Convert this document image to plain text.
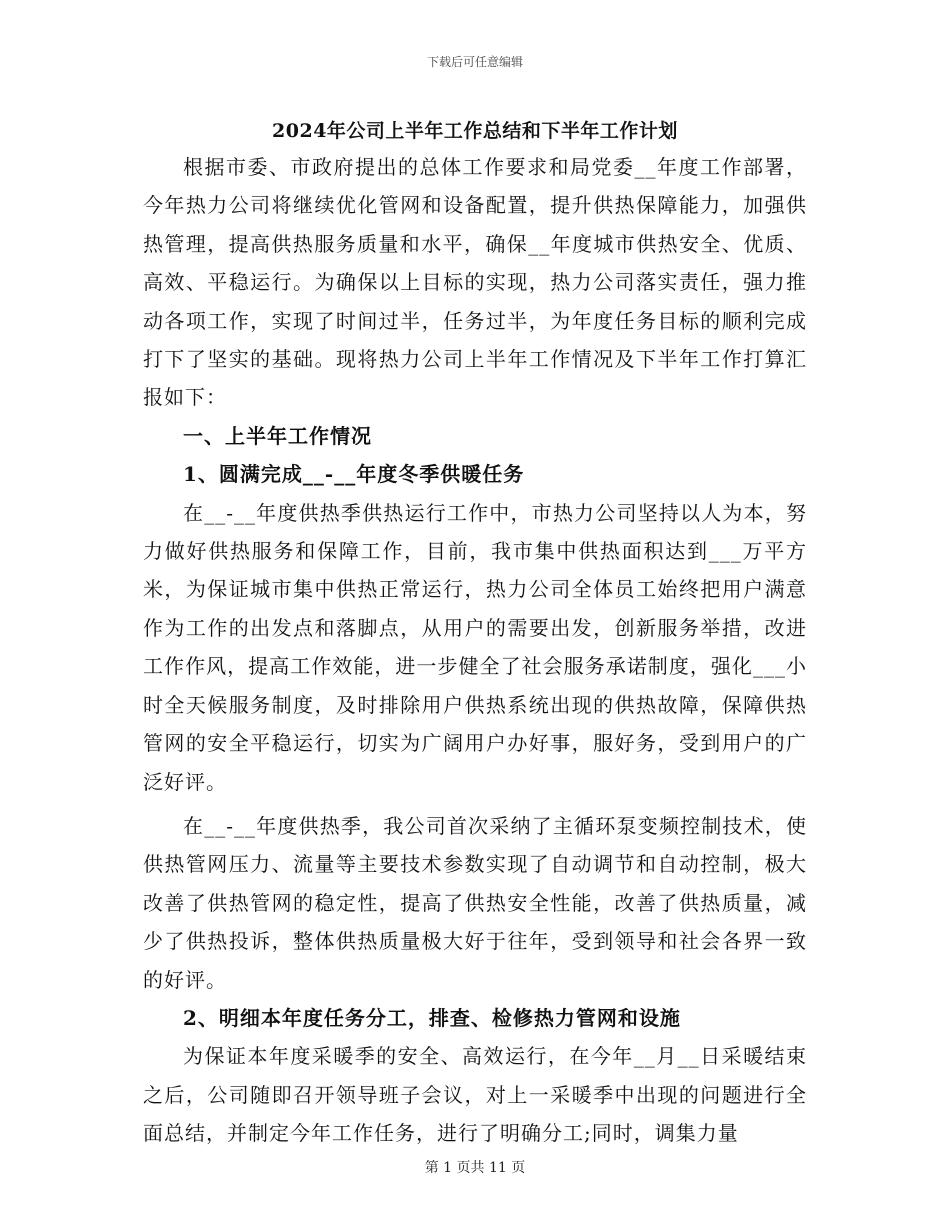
下载后可任意编辑
2024年公司上半年工作总结和下半年工作计划

根据市委、市政府提出的总体工作要求和局党委__年度工作部署，今年热力公司将继续优化管网和设备配置，提升供热保障能力，加强供热管理，提高供热服务质量和水平，确保__年度城市供热安全、优质、高效、平稳运行。为确保以上目标的实现，热力公司落实责任，强力推动各项工作，实现了时间过半，任务过半，为年度任务目标的顺利完成打下了坚实的基础。现将热力公司上半年工作情况及下半年工作打算汇报如下：

一、上半年工作情况
1、圆满完成__-__年度冬季供暖任务

在__-__年度供热季供热运行工作中，市热力公司坚持以人为本，努力做好供热服务和保障工作，目前，我市集中供热面积达到___万平方米，为保证城市集中供热正常运行，热力公司全体员工始终把用户满意作为工作的出发点和落脚点，从用户的需要出发，创新服务举措，改进工作作风，提高工作效能，进一步健全了社会服务承诺制度，强化___小时全天候服务制度，及时排除用户供热系统出现的供热故障，保障供热管网的安全平稳运行，切实为广阔用户办好事，服好务，受到用户的广泛好评。

在__-__年度供热季，我公司首次采纳了主循环泵变频控制技术，使供热管网压力、流量等主要技术参数实现了自动调节和自动控制，极大改善了供热管网的稳定性，提高了供热安全性能，改善了供热质量，减少了供热投诉，整体供热质量极大好于往年，受到领导和社会各界一致的好评。

2、明细本年度任务分工，排查、检修热力管网和设施

为保证本年度采暖季的安全、高效运行，在今年__月__日采暖结束之后，公司随即召开领导班子会议，对上一采暖季中出现的问题进行全面总结，并制定今年工作任务，进行了明确分工;同时，调集力量

第 1 页共 11 页
